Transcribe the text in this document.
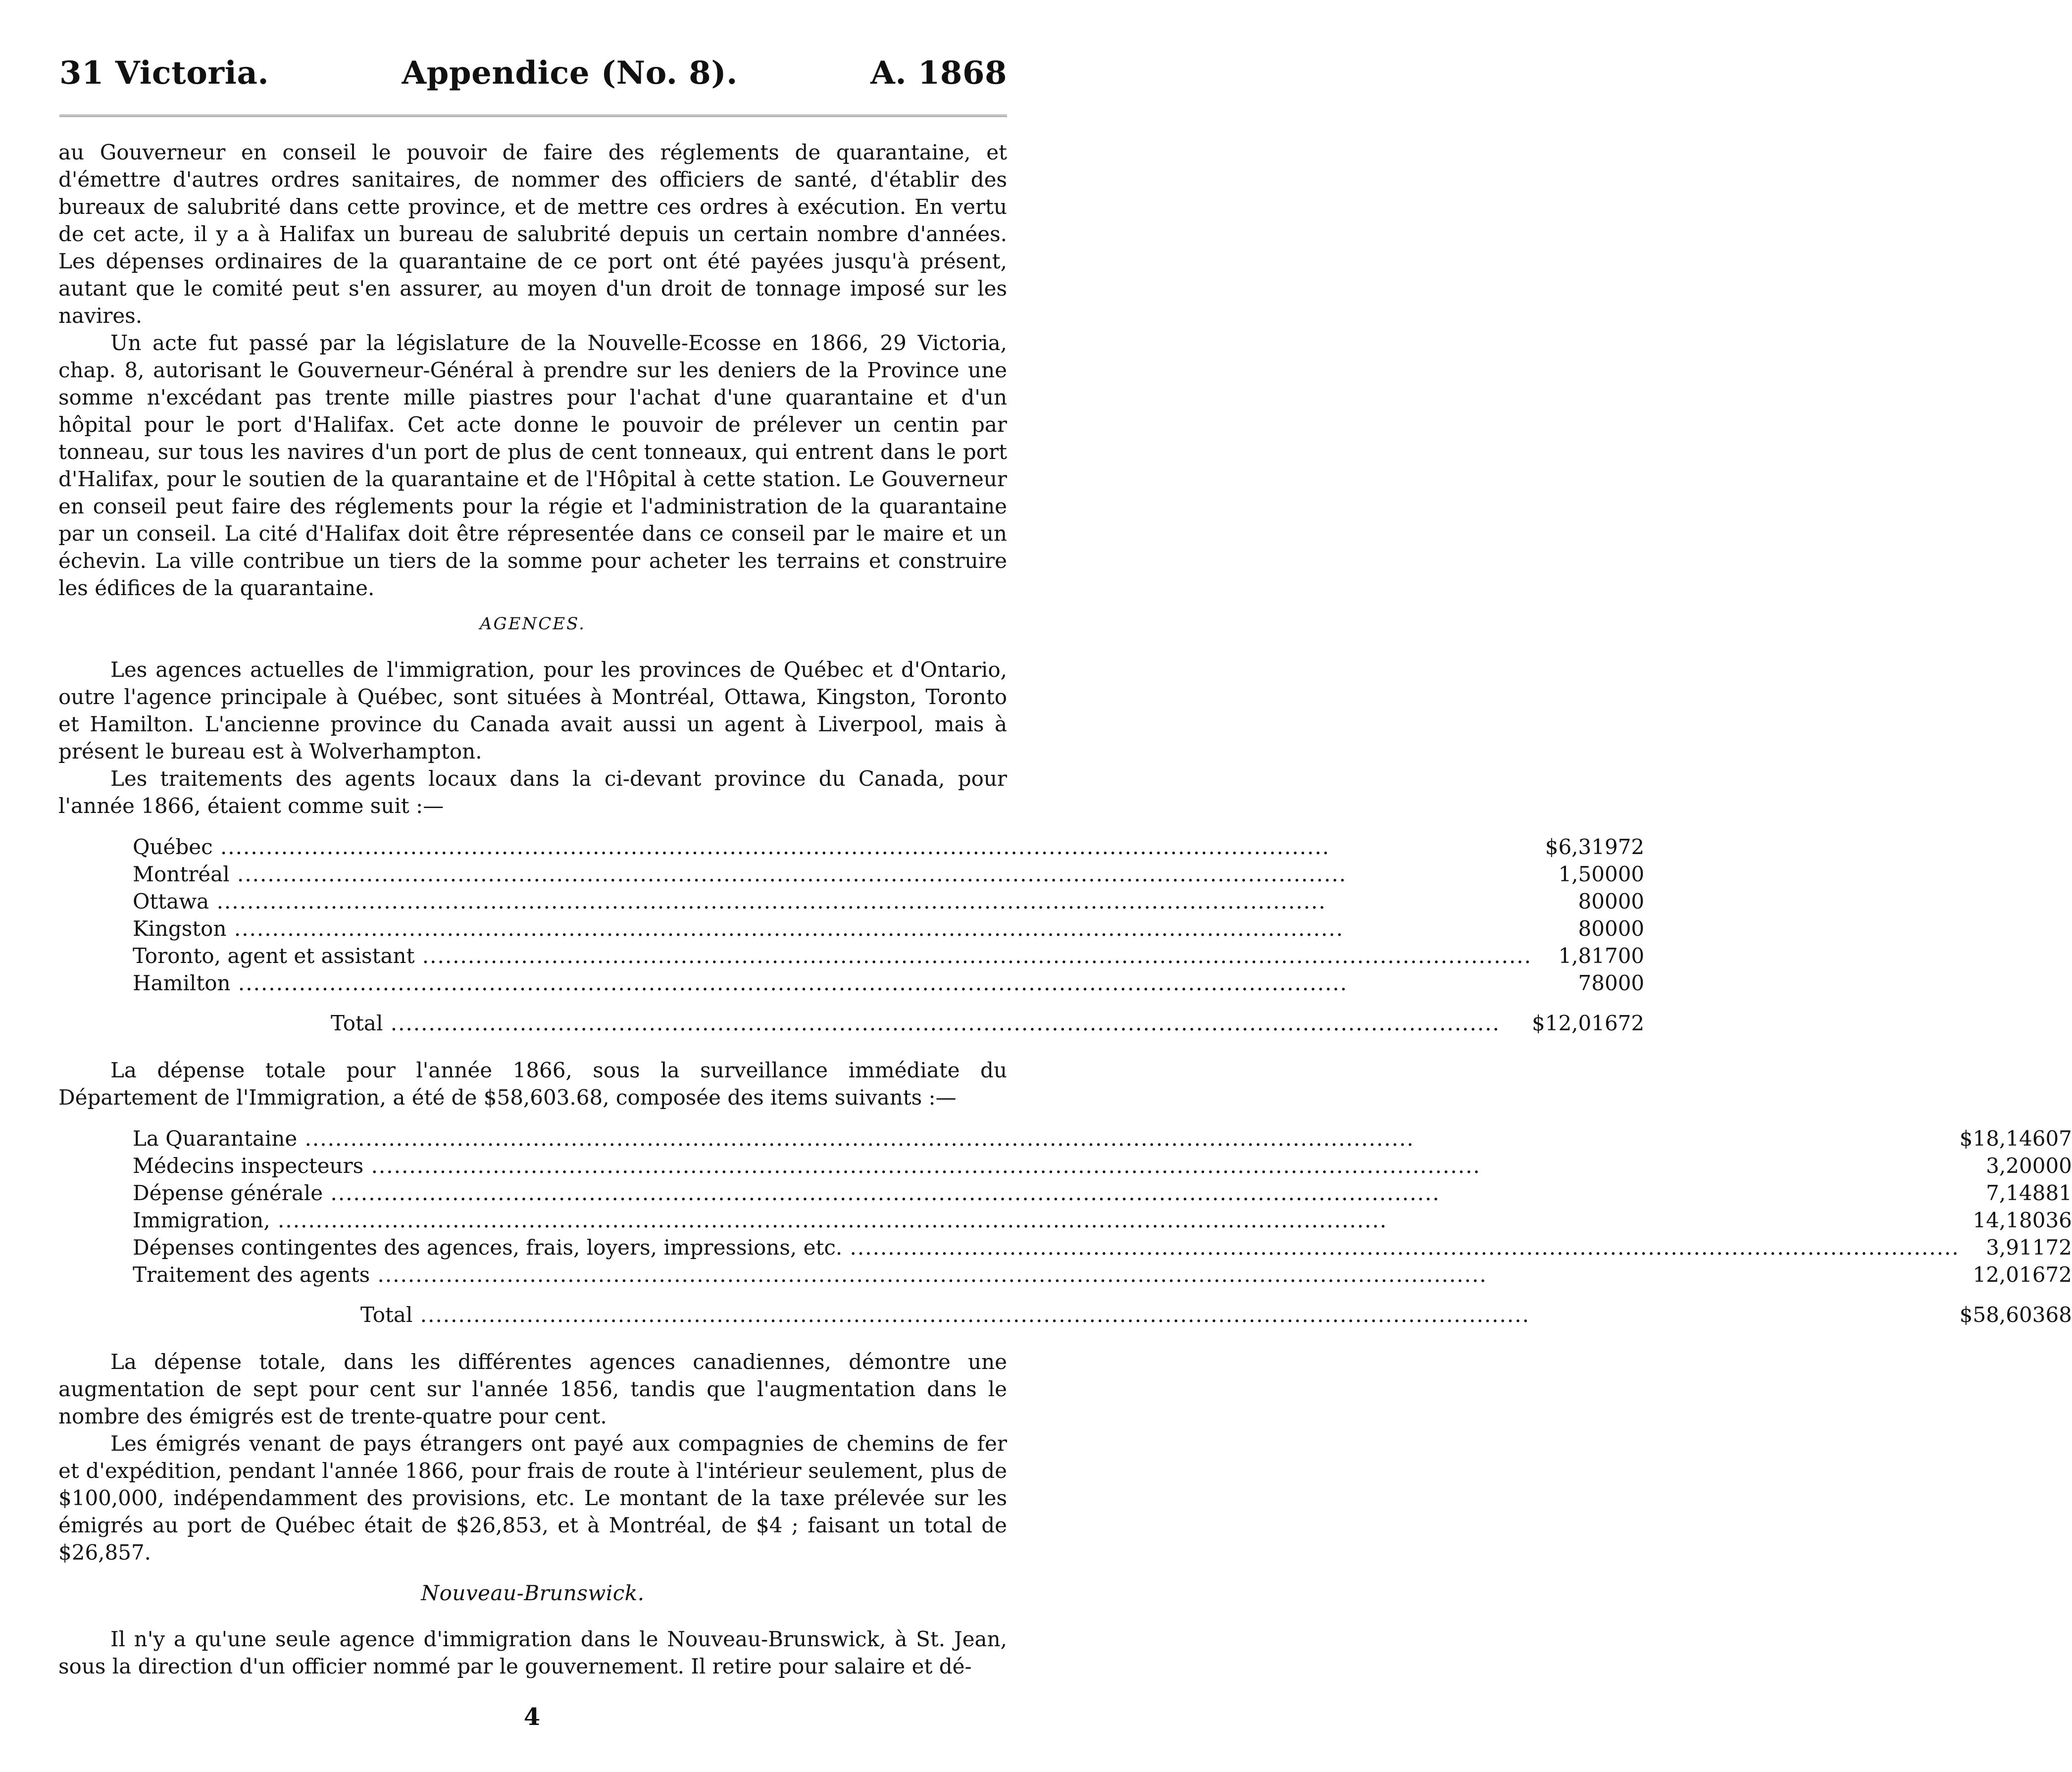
31 Victoria.	Appendice (No. 8).	A. 1868

au Gouverneur en conseil le pouvoir de faire des réglements de quarantaine, et d'émettre d'autres ordres sanitaires, de nommer des officiers de santé, d'établir des bureaux de salubrité dans cette province, et de mettre ces ordres à exécution. En vertu de cet acte, il y a à Halifax un bureau de salubrité depuis un certain nombre d'années. Les dépenses ordinaires de la quarantaine de ce port ont été payées jusqu'à présent, autant que le comité peut s'en assurer, au moyen d'un droit de tonnage imposé sur les navires.

Un acte fut passé par la législature de la Nouvelle-Ecosse en 1866, 29 Victoria, chap. 8, autorisant le Gouverneur-Général à prendre sur les deniers de la Province une somme n'excédant pas trente mille piastres pour l'achat d'une quarantaine et d'un hôpital pour le port d'Halifax. Cet acte donne le pouvoir de prélever un centin par tonneau, sur tous les navires d'un port de plus de cent tonneaux, qui entrent dans le port d'Halifax, pour le soutien de la quarantaine et de l'Hôpital à cette station. Le Gouverneur en conseil peut faire des réglements pour la régie et l'administration de la quarantaine par un conseil. La cité d'Halifax doit être répresentée dans ce conseil par le maire et un échevin. La ville contribue un tiers de la somme pour acheter les terrains et construire les édifices de la quarantaine.

AGENCES.

Les agences actuelles de l'immigration, pour les provinces de Québec et d'Ontario, outre l'agence principale à Québec, sont situées à Montréal, Ottawa, Kingston, Toronto et Hamilton. L'ancienne province du Canada avait aussi un agent à Liverpool, mais à présent le bureau est à Wolverhampton.

Les traitements des agents locaux dans la ci-devant province du Canada, pour l'année 1866, étaient comme suit :—

Québec .....	$6,319	72
Montréal .....	1,500	00
Ottawa .....	800	00
Kingston .....	800	00
Toronto, agent et assistant .....	1,817	00
Hamilton .....	780	00
Total .....	$12,016	72

La dépense totale pour l'année 1866, sous la surveillance immédiate du Département de l'Immigration, a été de $58,603.68, composée des items suivants :—

La Quarantaine .....	$18,146	07
Médecins inspecteurs .....	3,200	00
Dépense générale .....	7,148	81
Immigration, .....	14,180	36
Dépenses contingentes des agences, frais, loyers, impressions, etc. .....	3,911	72
Traitement des agents .....	12,016	72
Total .....	$58,603	68

La dépense totale, dans les différentes agences canadiennes, démontre une augmentation de sept pour cent sur l'année 1856, tandis que l'augmentation dans le nombre des émigrés est de trente-quatre pour cent.

Les émigrés venant de pays étrangers ont payé aux compagnies de chemins de fer et d'expédition, pendant l'année 1866, pour frais de route à l'intérieur seulement, plus de $100,000, indépendamment des provisions, etc. Le montant de la taxe prélevée sur les émigrés au port de Québec était de $26,853, et à Montréal, de $4 ; faisant un total de $26,857.

Nouveau-Brunswick.

Il n'y a qu'une seule agence d'immigration dans le Nouveau-Brunswick, à St. Jean, sous la direction d'un officier nommé par le gouvernement. Il retire pour salaire et dé-

4
